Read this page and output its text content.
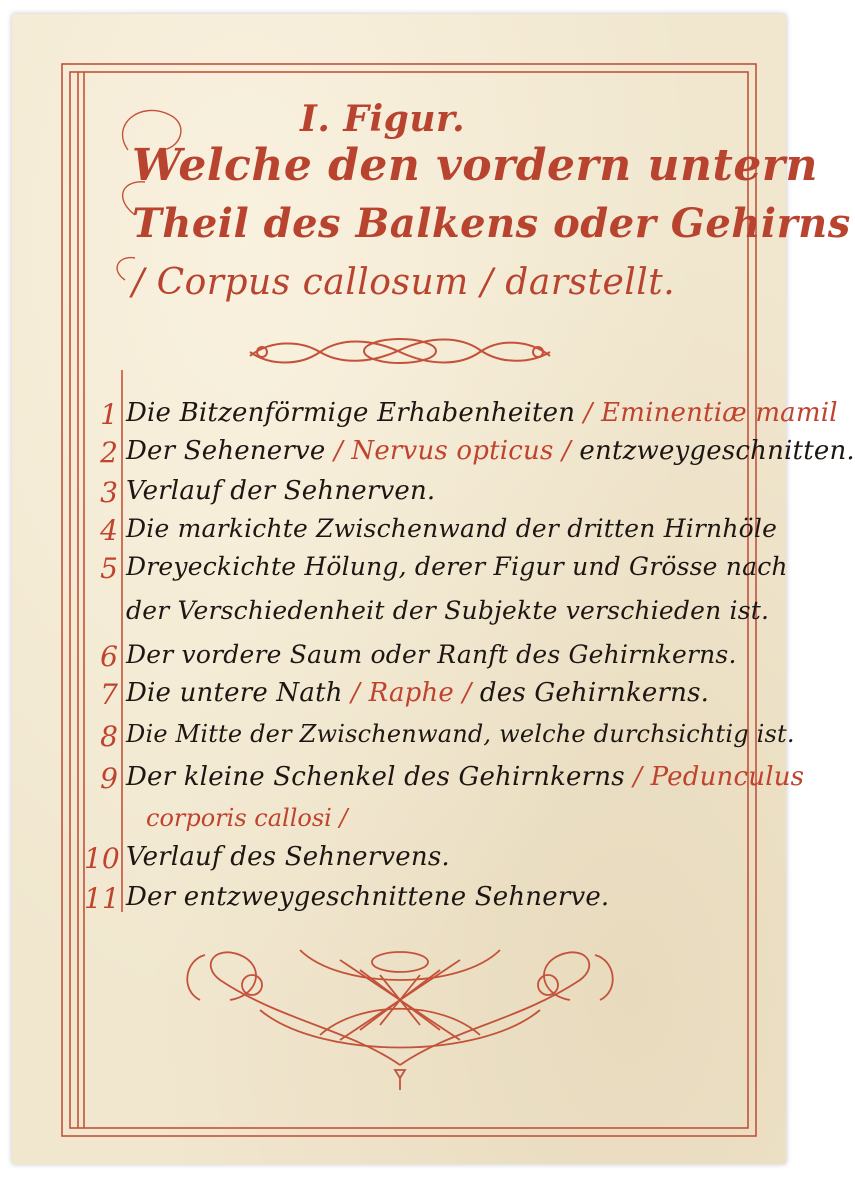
I. Figur.
Welche den vordern untern
Theil des Balkens oder Gehirns
/ Corpus callosum / darstellt.
1 Die Bitzenförmige Erhabenheiten / Eminentiæ mamil
2 Der Sehenerve / Nervus opticus / entzweygeschnitten.
3 Verlauf der Sehnerven.
4 Die markichte Zwischenwand der dritten Hirnhöle
5 Dreyeckichte Hölung, derer Figur und Grösse nach
der Verschiedenheit der Subjekte verschieden ist.
6 Der vordere Saum oder Ranft des Gehirnkerns.
7 Die untere Nath / Raphe / des Gehirnkerns.
8 Die Mitte der Zwischenwand, welche durchsichtig ist.
9 Der kleine Schenkel des Gehirnkerns / Pedunculus
corporis callosi /
10 Verlauf des Sehnervens.
11 Der entzweygeschnittene Sehnerve.
